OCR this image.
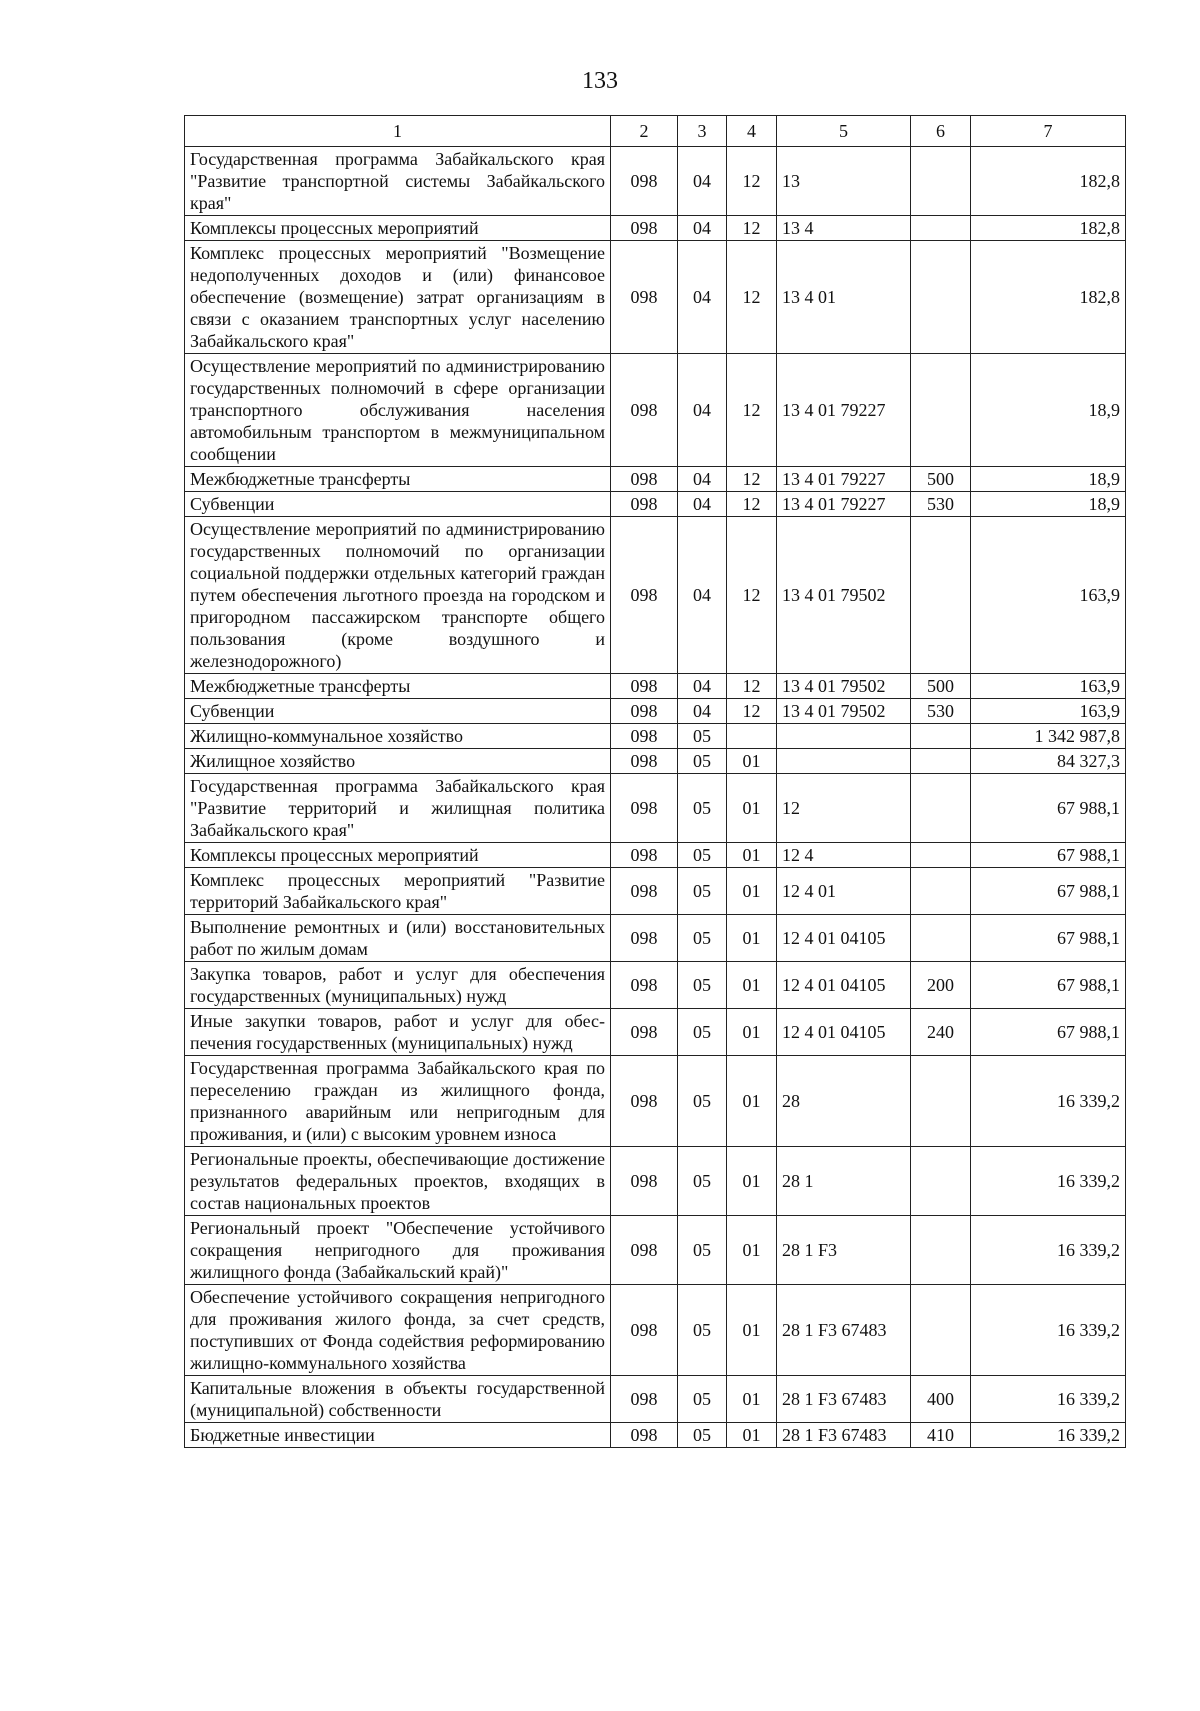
133
1	2	3	4	5	6	7
Государственная программа Забайкальского края "Развитие транспортной системы Забайкальского края"	098	04	12	13		182,8
Комплексы процессных мероприятий	098	04	12	13 4		182,8
Комплекс процессных мероприятий "Возмещение недополученных доходов и (или) финансовое обеспечение (возмещение) затрат организациям в связи с оказанием транспортных услуг населению Забайкальского края"	098	04	12	13 4 01		182,8
Осуществление мероприятий по администрированию государственных полномочий в сфере организации транспортного обслуживания населения автомобильным транспортом в межмуниципальном сообщении	098	04	12	13 4 01 79227		18,9
Межбюджетные трансферты	098	04	12	13 4 01 79227	500	18,9
Субвенции	098	04	12	13 4 01 79227	530	18,9
Осуществление мероприятий по администрированию государственных полномочий по организации социальной поддержки отдельных категорий граждан путем обеспечения льготного проезда на городском и пригородном пассажирском транспорте общего пользования (кроме воздушного и железнодорожного)	098	04	12	13 4 01 79502		163,9
Межбюджетные трансферты	098	04	12	13 4 01 79502	500	163,9
Субвенции	098	04	12	13 4 01 79502	530	163,9
Жилищно-коммунальное хозяйство	098	05				1 342 987,8
Жилищное хозяйство	098	05	01			84 327,3
Государственная программа Забайкальского края "Развитие территорий и жилищная политика Забайкальского края"	098	05	01	12		67 988,1
Комплексы процессных мероприятий	098	05	01	12 4		67 988,1
Комплекс процессных мероприятий "Развитие территорий Забайкальского края"	098	05	01	12 4 01		67 988,1
Выполнение ремонтных и (или) восстановительных работ по жилым домам	098	05	01	12 4 01 04105		67 988,1
Закупка товаров, работ и услуг для обеспечения государственных (муниципальных) нужд	098	05	01	12 4 01 04105	200	67 988,1
Иные закупки товаров, работ и услуг для обеспечения государственных (муниципальных) нужд	098	05	01	12 4 01 04105	240	67 988,1
Государственная программа Забайкальского края по переселению граждан из жилищного фонда, признанного аварийным или непригодным для проживания, и (или) с высоким уровнем износа	098	05	01	28		16 339,2
Региональные проекты, обеспечивающие достижение результатов федеральных проектов, входящих в состав национальных проектов	098	05	01	28 1		16 339,2
Региональный проект "Обеспечение устойчивого сокращения непригодного для проживания жилищного фонда (Забайкальский край)"	098	05	01	28 1 F3		16 339,2
Обеспечение устойчивого сокращения непригодного для проживания жилого фонда, за счет средств, поступивших от Фонда содействия реформированию жилищно-коммунального хозяйства	098	05	01	28 1 F3 67483		16 339,2
Капитальные вложения в объекты государственной (муниципальной) собственности	098	05	01	28 1 F3 67483	400	16 339,2
Бюджетные инвестиции	098	05	01	28 1 F3 67483	410	16 339,2
